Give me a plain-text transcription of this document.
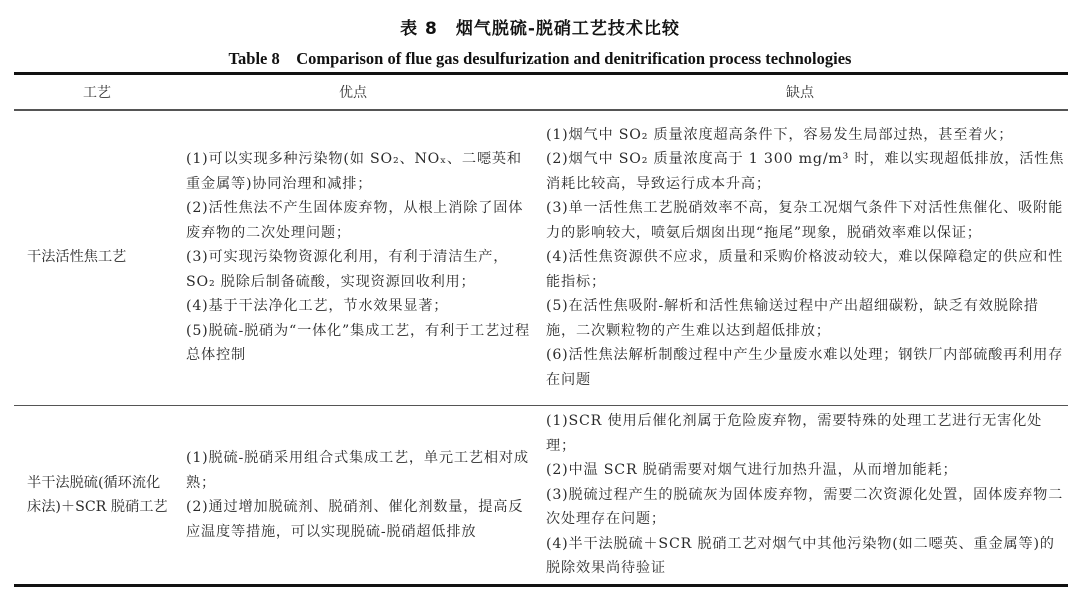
表 8　烟气脱硫-脱硝工艺技术比较
Table 8　Comparison of flue gas desulfurization and denitrification process technologies
工艺	优点	缺点
干法活性焦工艺
(1)可以实现多种污染物(如 SO₂、NOₓ、二噁英和重金属等)协同治理和减排；
(2)活性焦法不产生固体废弃物，从根上消除了固体废弃物的二次处理问题；
(3)可实现污染物资源化利用，有利于清洁生产，SO₂ 脱除后制备硫酸，实现资源回收利用；
(4)基于干法净化工艺，节水效果显著；
(5)脱硫-脱硝为“一体化”集成工艺，有利于工艺过程总体控制
(1)烟气中 SO₂ 质量浓度超高条件下，容易发生局部过热，甚至着火；
(2)烟气中 SO₂ 质量浓度高于 1 300 mg/m³ 时，难以实现超低排放，活性焦消耗比较高，导致运行成本升高；
(3)单一活性焦工艺脱硝效率不高，复杂工况烟气条件下对活性焦催化、吸附能力的影响较大，喷氨后烟囱出现“拖尾”现象，脱硝效率难以保证；
(4)活性焦资源供不应求，质量和采购价格波动较大，难以保障稳定的供应和性能指标；
(5)在活性焦吸附-解析和活性焦输送过程中产出超细碳粉，缺乏有效脱除措施，二次颗粒物的产生难以达到超低排放；
(6)活性焦法解析制酸过程中产生少量废水难以处理；钢铁厂内部硫酸再利用存在问题
半干法脱硫(循环流化床法)＋SCR 脱硝工艺
(1)脱硫-脱硝采用组合式集成工艺，单元工艺相对成熟；
(2)通过增加脱硫剂、脱硝剂、催化剂数量，提高反应温度等措施，可以实现脱硫-脱硝超低排放
(1)SCR 使用后催化剂属于危险废弃物，需要特殊的处理工艺进行无害化处理；
(2)中温 SCR 脱硝需要对烟气进行加热升温，从而增加能耗；
(3)脱硫过程产生的脱硫灰为固体废弃物，需要二次资源化处置，固体废弃物二次处理存在问题；
(4)半干法脱硫＋SCR 脱硝工艺对烟气中其他污染物(如二噁英、重金属等)的脱除效果尚待验证
